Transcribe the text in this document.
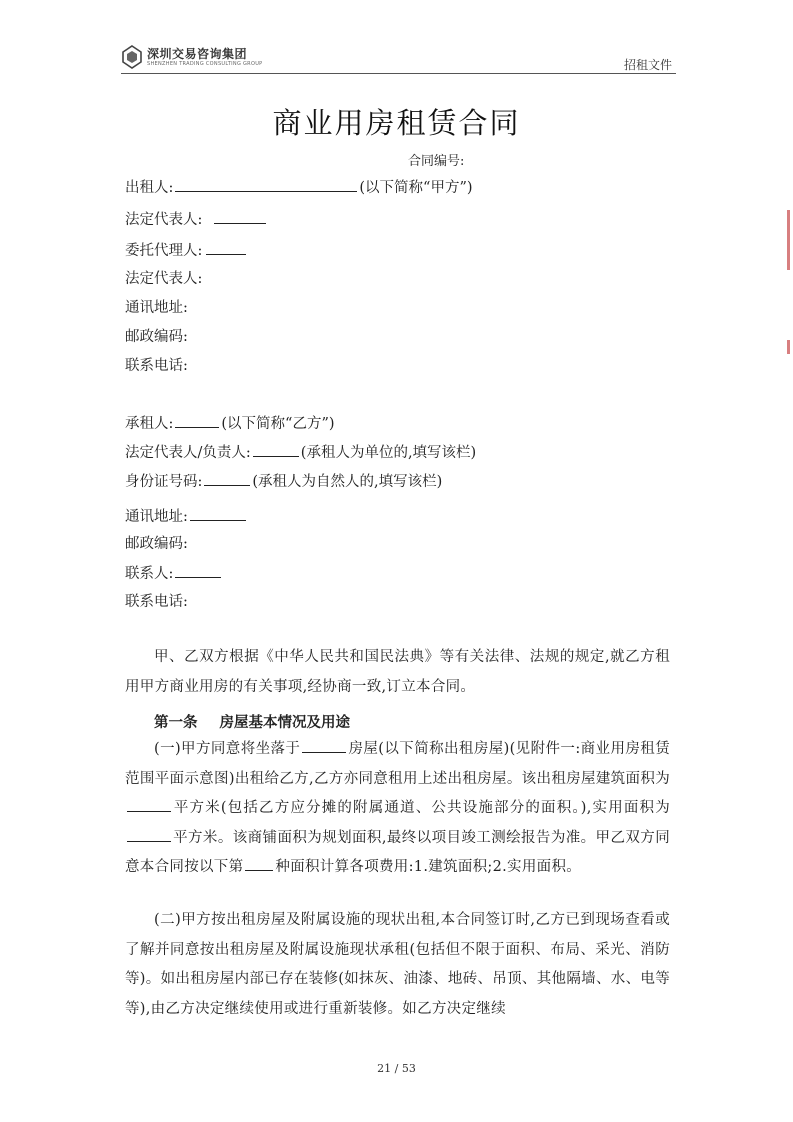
深圳交易咨询集团
SHENZHEN TRADING CONSULTING GROUP	招租文件
商业用房租赁合同
合同编号:
出租人:	(以下简称“甲方”)
法定代表人:
委托代理人:
法定代表人:
通讯地址:
邮政编码:
联系电话:
承租人:	(以下简称“乙方”)
法定代表人/负责人:	(承租人为单位的,填写该栏)
身份证号码:	(承租人为自然人的,填写该栏)
通讯地址:
邮政编码:
联系人:
联系电话:
甲、乙双方根据《中华人民共和国民法典》等有关法律、法规的规定,就乙方租用甲方商业用房的有关事项,经协商一致,订立本合同。
第一条 房屋基本情况及用途
(一)甲方同意将坐落于	房屋(以下简称出租房屋)(见附件一:商业用房租赁范围平面示意图)出租给乙方,乙方亦同意租用上述出租房屋。该出租房屋建筑面积为平方米(包括乙方应分摊的附属通道、公共设施部分的面积。),实用面积为平方米。该商铺面积为规划面积,最终以项目竣工测绘报告为准。甲乙双方同意本合同按以下第 种面积计算各项费用:1.建筑面积;2.实用面积。
(二)甲方按出租房屋及附属设施的现状出租,本合同签订时,乙方已到现场查看或了解并同意按出租房屋及附属设施现状承租(包括但不限于面积、布局、采光、消防等)。如出租房屋内部已存在装修(如抹灰、油漆、地砖、吊顶、其他隔墙、水、电等等),由乙方决定继续使用或进行重新装修。如乙方决定继续
21 / 53
